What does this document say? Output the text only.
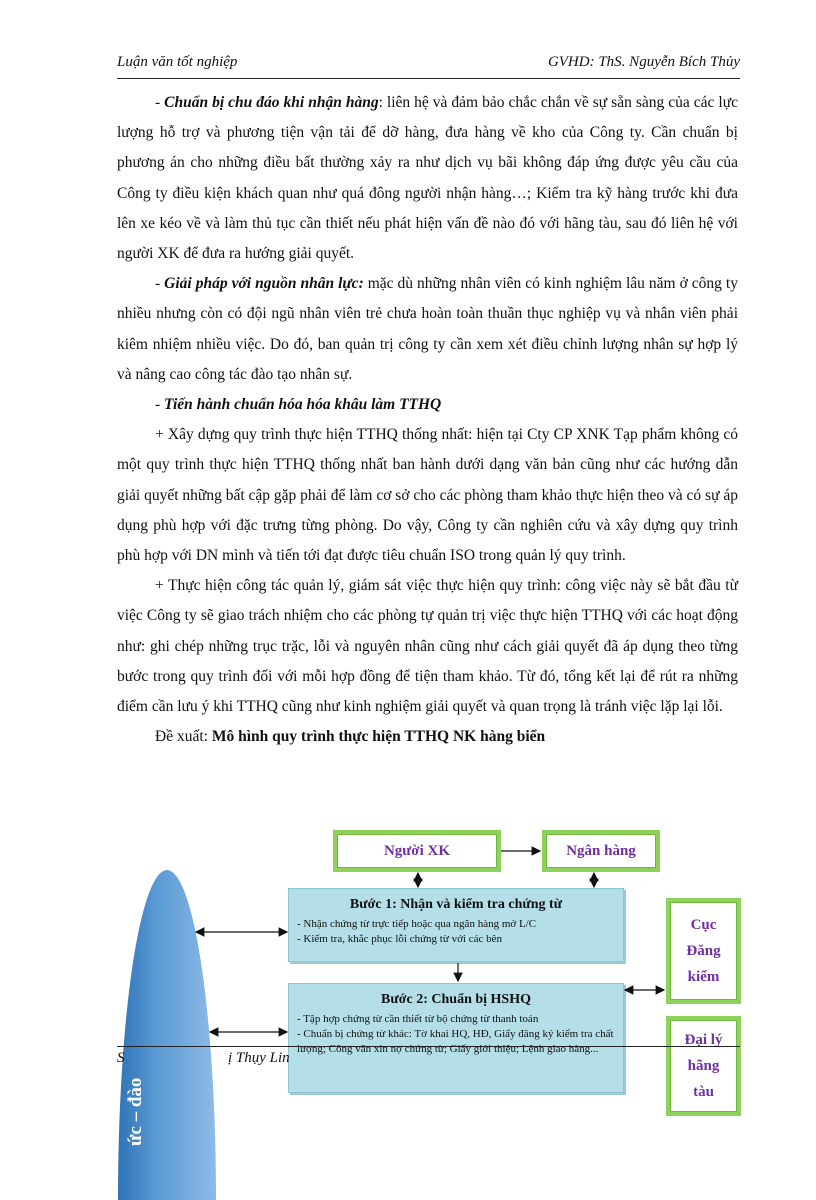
Luận văn tốt nghiệp	GVHD: ThS. Nguyễn Bích Thủy

- Chuẩn bị chu đáo khi nhận hàng: liên hệ và đảm bảo chắc chắn về sự sẵn sàng của các lực lượng hỗ trợ và phương tiện vận tải để dỡ hàng, đưa hàng về kho của Công ty. Cần chuẩn bị phương án cho những điều bất thường xảy ra như dịch vụ bãi không đáp ứng được yêu cầu của Công ty điều kiện khách quan như quá đông người nhận hàng…; Kiểm tra kỹ hàng trước khi đưa lên xe kéo về và làm thủ tục cần thiết nếu phát hiện vấn đề nào đó với hãng tàu, sau đó liên hệ với người XK để đưa ra hướng giải quyết.

- Giải pháp với nguồn nhân lực: mặc dù những nhân viên có kinh nghiệm lâu năm ở công ty nhiều nhưng còn có đội ngũ nhân viên trẻ chưa hoàn toàn thuần thục nghiệp vụ và nhân viên phải kiêm nhiệm nhiều việc. Do đó, ban quản trị công ty cần xem xét điều chỉnh lượng nhân sự hợp lý và nâng cao công tác đào tạo nhân sự.

- Tiến hành chuẩn hóa hóa khâu làm TTHQ

+ Xây dựng quy trình thực hiện TTHQ thống nhất: hiện tại Cty CP XNK Tạp phẩm không có một quy trình thực hiện TTHQ thống nhất ban hành dưới dạng văn bản cũng như các hướng dẫn giải quyết những bất cập gặp phải để làm cơ sở cho các phòng tham khảo thực hiện theo và có sự áp dụng phù hợp với đặc trưng từng phòng. Do vậy, Công ty cần nghiên cứu và xây dựng quy trình phù hợp với DN mình và tiến tới đạt được tiêu chuẩn ISO trong quản lý quy trình.

+ Thực hiện công tác quản lý, giám sát việc thực hiện quy trình: công việc này sẽ bắt đầu từ việc Công ty sẽ giao trách nhiệm cho các phòng tự quản trị việc thực hiện TTHQ với các hoạt động như: ghi chép những trục trặc, lỗi và nguyên nhân cũng như cách giải quyết đã áp dụng theo từng bước trong quy trình đối với mỗi hợp đồng để tiện tham khảo. Từ đó, tổng kết lại để rút ra những điểm cần lưu ý khi TTHQ cũng như kinh nghiệm giải quyết và quan trọng là tránh việc lặp lại lỗi.

Đề xuất: Mô hình quy trình thực hiện TTHQ NK hàng biển

ức – đào
Người XK	Ngân hàng
Cục Đăng kiểm
Đại lý hãng tàu
Bước 1: Nhận và kiểm tra chứng từ
- Nhận chứng từ trực tiếp hoặc qua ngân hàng mở L/C
- Kiểm tra, khắc phục lỗi chứng từ với các bên
Bước 2: Chuẩn bị HSHQ
- Tập hợp chứng từ cần thiết từ bộ chứng từ thanh toán
- Chuẩn bị chứng từ khác: Tờ khai HQ, HĐ, Giấy đăng ký kiểm tra chất lượng; Công văn xin nợ chứng từ; Giấy giới thiệu; Lệnh giao hàng...
S	ị Thụy Lin
